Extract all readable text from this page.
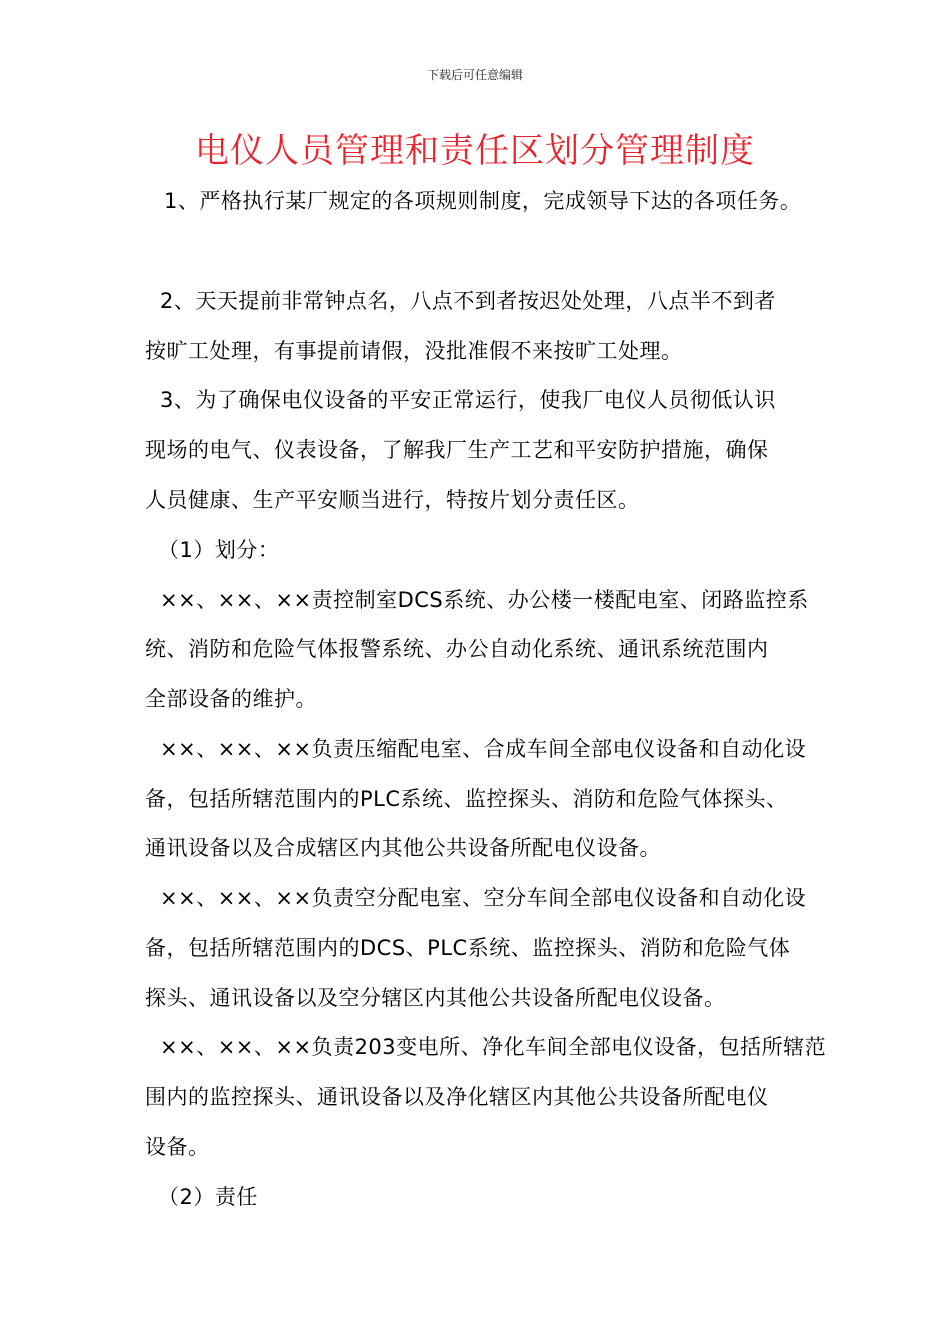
下载后可任意编辑
电仪人员管理和责任区划分管理制度
1、严格执行某厂规定的各项规则制度，完成领导下达的各项任务。
2、天天提前非常钟点名，八点不到者按迟处处理，八点半不到者
按旷工处理，有事提前请假，没批准假不来按旷工处理。
3、为了确保电仪设备的平安正常运行，使我厂电仪人员彻低认识
现场的电气、仪表设备，了解我厂生产工艺和平安防护措施，确保
人员健康、生产平安顺当进行，特按片划分责任区。
（1）划分：
××、××、××责控制室DCS系统、办公楼一楼配电室、闭路监控系
统、消防和危险气体报警系统、办公自动化系统、通讯系统范围内
全部设备的维护。
××、××、××负责压缩配电室、合成车间全部电仪设备和自动化设
备，包括所辖范围内的PLC系统、监控探头、消防和危险气体探头、
通讯设备以及合成辖区内其他公共设备所配电仪设备。
××、××、××负责空分配电室、空分车间全部电仪设备和自动化设
备，包括所辖范围内的DCS、PLC系统、监控探头、消防和危险气体
探头、通讯设备以及空分辖区内其他公共设备所配电仪设备。
××、××、××负责203变电所、净化车间全部电仪设备，包括所辖范
围内的监控探头、通讯设备以及净化辖区内其他公共设备所配电仪
设备。
（2）责任
